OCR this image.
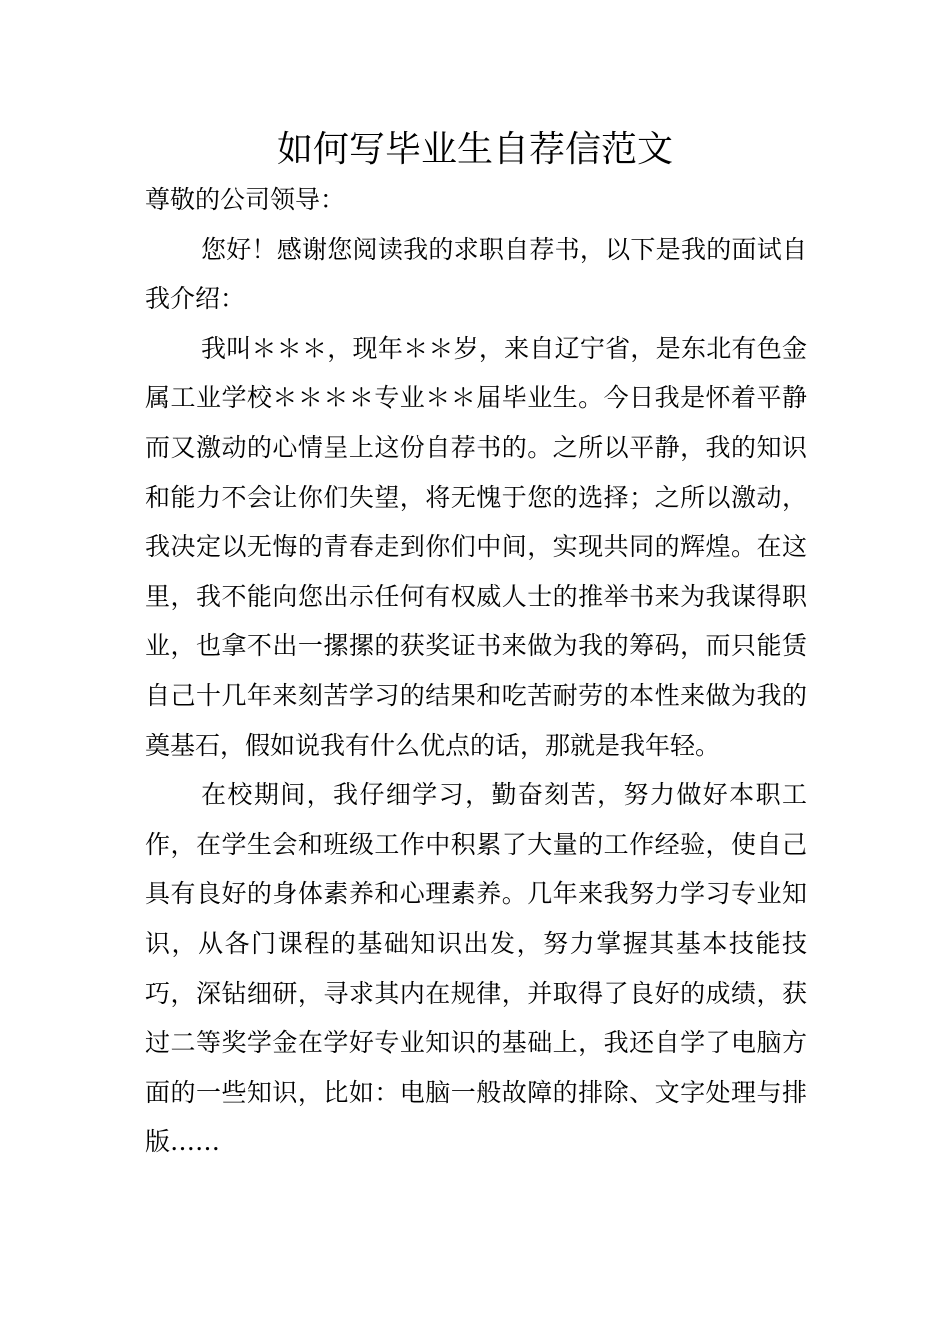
如何写毕业生自荐信范文

尊敬的公司领导：

您好！感谢您阅读我的求职自荐书，以下是我的面试自我介绍：

我叫＊＊＊，现年＊＊岁，来自辽宁省，是东北有色金属工业学校＊＊＊＊专业＊＊届毕业生。今日我是怀着平静而又激动的心情呈上这份自荐书的。之所以平静，我的知识和能力不会让你们失望，将无愧于您的选择；之所以激动，我决定以无悔的青春走到你们中间，实现共同的辉煌。在这里，我不能向您出示任何有权威人士的推举书来为我谋得职业，也拿不出一摞摞的获奖证书来做为我的筹码，而只能赁自己十几年来刻苦学习的结果和吃苦耐劳的本性来做为我的奠基石，假如说我有什么优点的话，那就是我年轻。

在校期间，我仔细学习，勤奋刻苦，努力做好本职工作，在学生会和班级工作中积累了大量的工作经验，使自己具有良好的身体素养和心理素养。几年来我努力学习专业知识，从各门课程的基础知识出发，努力掌握其基本技能技巧，深钻细研，寻求其内在规律，并取得了良好的成绩，获过二等奖学金在学好专业知识的基础上，我还自学了电脑方面的一些知识，比如：电脑一般故障的排除、文字处理与排版……
